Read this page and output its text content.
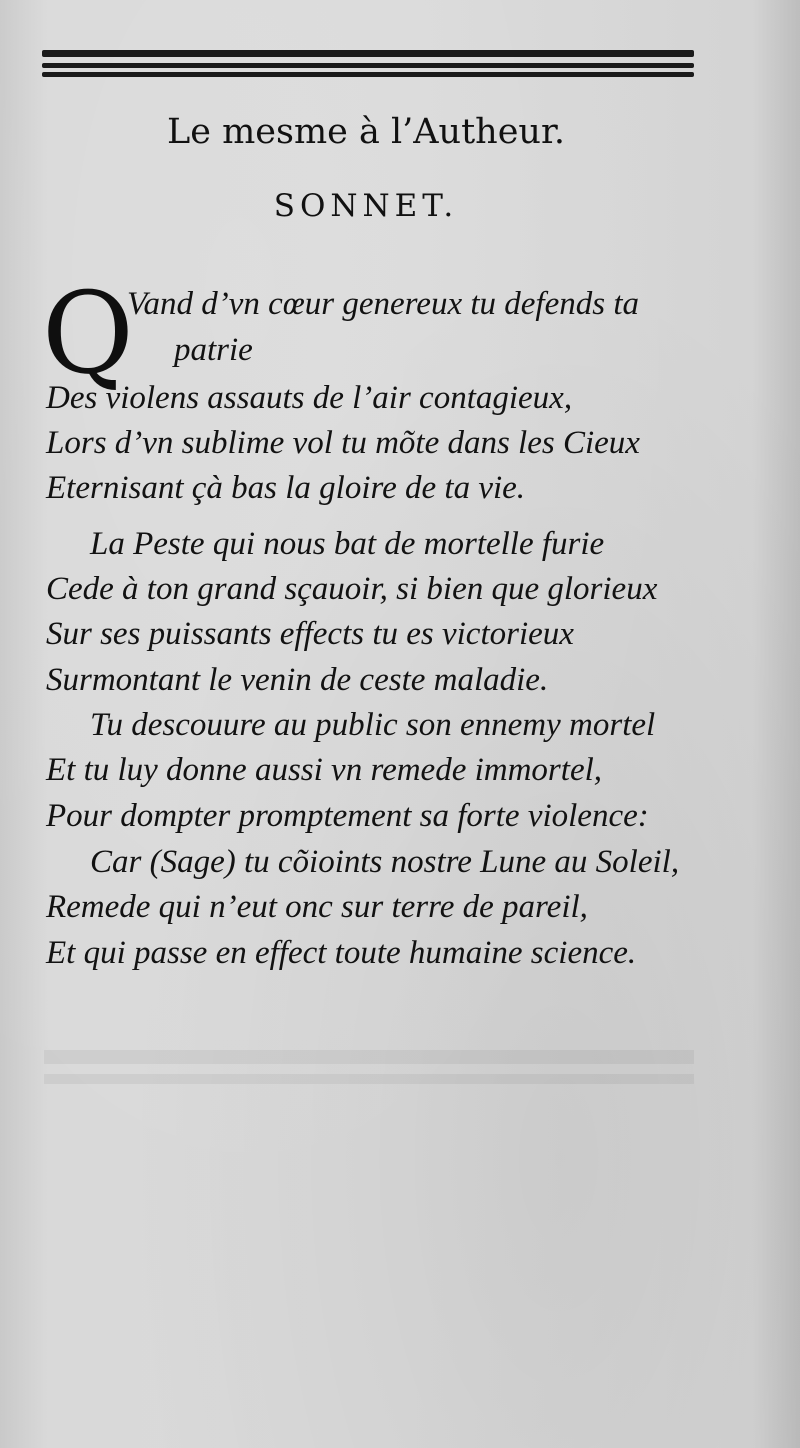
Le mesme à l’Autheur.
SONNET.
Q
Vand d’vn cœur genereux tu defends ta
patrie
Des violens assauts de l’air contagieux,
Lors d’vn sublime vol tu mõte dans les Cieux
Eternisant çà bas la gloire de ta vie.
La Peste qui nous bat de mortelle furie
Cede à ton grand sçauoir, si bien que glorieux
Sur ses puissants effects tu es victorieux
Surmontant le venin de ceste maladie.
Tu descouure au public son ennemy mortel
Et tu luy donne aussi vn remede immortel,
Pour dompter promptement sa forte violence:
Car (Sage) tu cõioints nostre Lune au Soleil,
Remede qui n’eut onc sur terre de pareil,
Et qui passe en effect toute humaine science.
